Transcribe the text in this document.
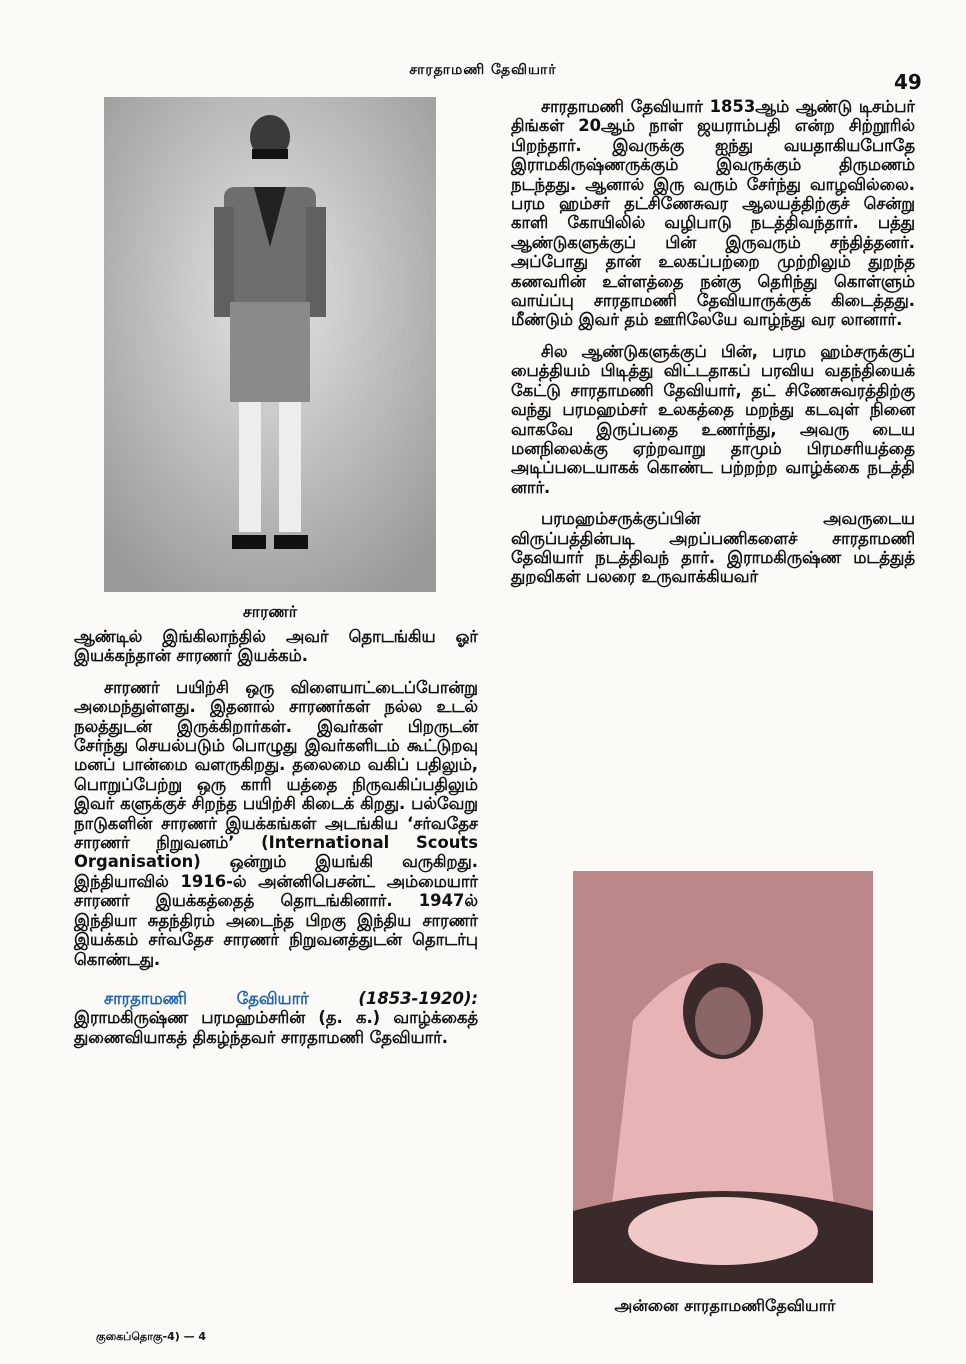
சாரதாமணி தேவியார்	49
சாரணர்

ஆண்டில் இங்கிலாந்தில் அவர் தொடங்கிய ஓர் இயக்கந்தான் சாரணர் இயக்கம்.

சாரணர் பயிற்சி ஒரு விளையாட்டைப்போன்று அமைந்துள்ளது. இதனால் சாரணர்கள் நல்ல உடல் நலத்துடன் இருக்கிறார்கள். இவர்கள் பிறருடன் சேர்ந்து செயல்படும் பொழுது இவர்களிடம் கூட்டுறவு மனப் பான்மை வளருகிறது. தலைமை வகிப் பதிலும், பொறுப்பேற்று ஒரு காரி யத்தை நிருவகிப்பதிலும் இவர் களுக்குச் சிறந்த பயிற்சி கிடைக் கிறது. பல்வேறு நாடுகளின் சாரணர் இயக்கங்கள் அடங்கிய ‘சர்வதேச சாரணர் நிறுவனம்’ (International Scouts Organisation) ஒன்றும் இயங்கி வருகிறது. இந்தியாவில் 1916-ல் அன்னிபெசன்ட் அம்மையார் சாரணர் இயக்கத்தைத் தொடங்கினார். 1947ல் இந்தியா சுதந்திரம் அடைந்த பிறகு இந்திய சாரணர் இயக்கம் சர்வதேச சாரணர் நிறுவனத்துடன் தொடர்பு கொண்டது.

சாரதாமணி தேவியார்	(1853-1920): இராமகிருஷ்ண பரமஹம்சரின் (த. க.) வாழ்க்கைத் துணைவியாகத் திகழ்ந்தவர் சாரதாமணி தேவியார்.

சாரதாமணி தேவியார் 1853ஆம் ஆண்டு டிசம்பர் திங்கள் 20ஆம் நாள் ஜயராம்பதி என்ற சிற்றூரில் பிறந்தார். இவருக்கு ஐந்து வயதாகியபோதே இராமகிருஷ்ணருக்கும் இவருக்கும் திருமணம் நடந்தது. ஆனால் இரு வரும் சேர்ந்து வாழவில்லை. பரம ஹம்சர் தட்சிணேசுவர ஆலயத்திற்குச் சென்று காளி கோயிலில் வழிபாடு நடத்திவந்தார். பத்து ஆண்டுகளுக்குப் பின் இருவரும் சந்தித்தனர். அப்போது தான் உலகப்பற்றை முற்றிலும் துறந்த கணவரின் உள்ளத்தை நன்கு தெரிந்து கொள்ளும் வாய்ப்பு சாரதாமணி தேவியாருக்குக் கிடைத்தது. மீண்டும் இவர் தம் ஊரிலேயே வாழ்ந்து வர லானார்.

சில ஆண்டுகளுக்குப் பின், பரம ஹம்சருக்குப் பைத்தியம் பிடித்து விட்டதாகப் பரவிய வதந்தியைக் கேட்டு சாரதாமணி தேவியார், தட் சிணேசுவரத்திற்கு வந்து பரமஹம்சர் உலகத்தை மறந்து கடவுள் நினை வாகவே இருப்பதை உணர்ந்து, அவரு டைய மனநிலைக்கு ஏற்றவாறு தாமும் பிரமசரியத்தை அடிப்படையாகக் கொண்ட பற்றற்ற வாழ்க்கை நடத்தி னார்.

பரமஹம்சருக்குப்பின் அவருடைய விருப்பத்தின்படி அறப்பணிகளைச் சாரதாமணி தேவியார் நடத்திவந் தார். இராமகிருஷ்ண மடத்துத் துறவிகள் பலரை உருவாக்கியவர்

அன்னை சாரதாமணிதேவியார்
குகைப்தொகு-4) — 4
